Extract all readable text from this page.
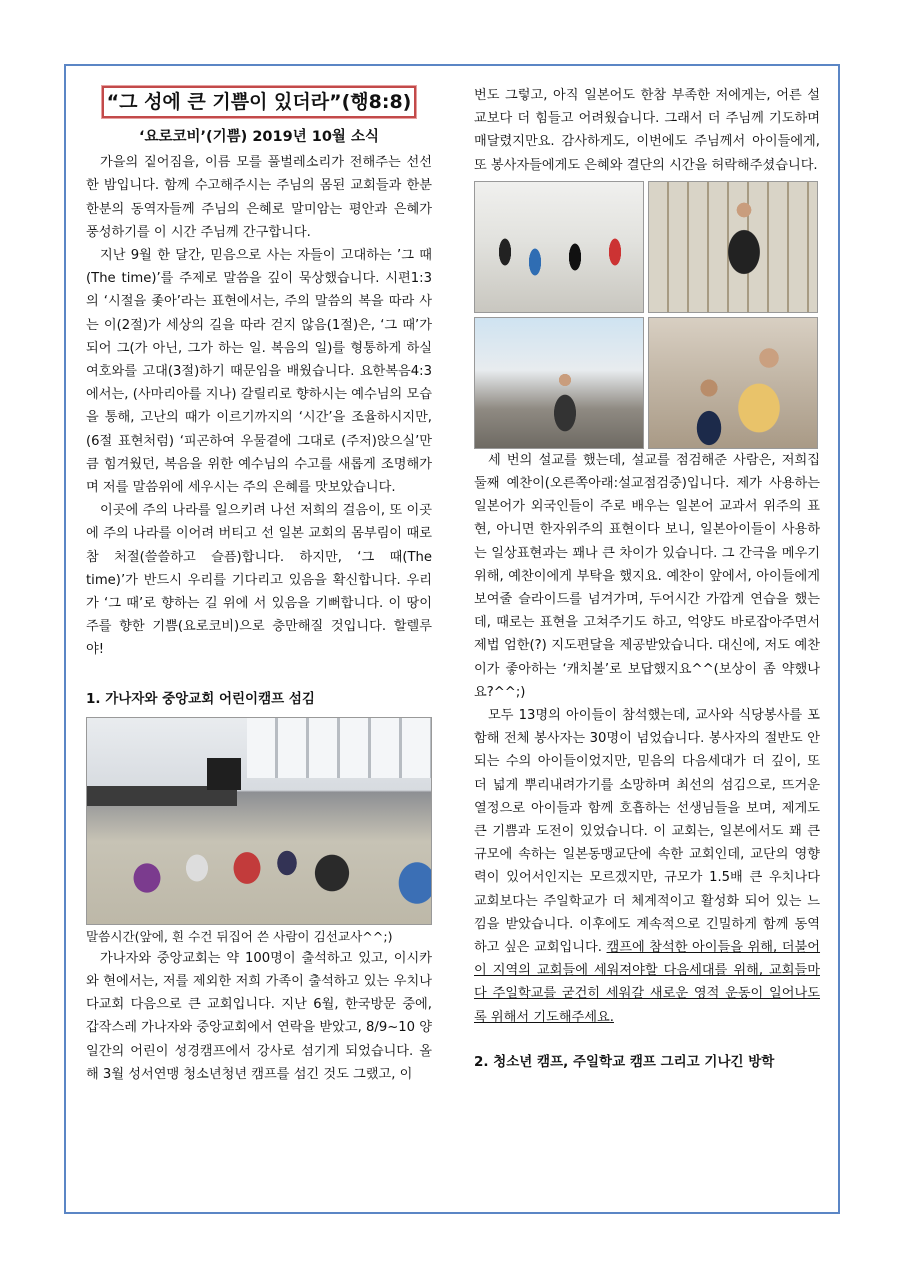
“그 성에 큰 기쁨이 있더라”(행8:8)
‘요로코비’(기쁨) 2019년 10월 소식

가을의 짙어짐을, 이름 모를 풀벌레소리가 전해주는 선선한 밤입니다. 함께 수고해주시는 주님의 몸된 교회들과 한분 한분의 동역자들께 주님의 은혜로 말미암는 평안과 은혜가 풍성하기를 이 시간 주님께 간구합니다.

지난 9월 한 달간, 믿음으로 사는 자들이 고대하는 ’그 때(The time)’를 주제로 말씀을 깊이 묵상했습니다. 시편1:3의 ‘시절을 좇아’라는 표현에서는, 주의 말씀의 복을 따라 사는 이(2절)가 세상의 길을 따라 걷지 않음(1절)은, ‘그 때’가 되어 그(가 아닌, 그가 하는 일. 복음의 일)를 형통하게 하실 여호와를 고대(3절)하기 때문임을 배웠습니다. 요한복음4:3에서는, (사마리아를 지나) 갈릴리로 향하시는 예수님의 모습을 통해, 고난의 때가 이르기까지의 ‘시간’을 조율하시지만, (6절 표현처럼) ‘피곤하여 우물곁에 그대로 (주저)앉으실’만큼 힘겨웠던, 복음을 위한 예수님의 수고를 새롭게 조명해가며 저를 말씀위에 세우시는 주의 은혜를 맛보았습니다.

이곳에 주의 나라를 일으키려 나선 저희의 걸음이, 또 이곳에 주의 나라를 이어려 버티고 선 일본 교회의 몸부림이 때로 참 처절(쓸쓸하고 슬픔)합니다. 하지만, ‘그 때(The time)’가 반드시 우리를 기다리고 있음을 확신합니다. 우리가 ‘그 때’로 향하는 길 위에 서 있음을 기뻐합니다. 이 땅이 주를 향한 기쁨(요로코비)으로 충만해질 것입니다. 할렐루야!

1. 가나자와 중앙교회 어린이캠프 섬김

말씀시간(앞에, 흰 수건 뒤집어 쓴 사람이 김선교사^^;)

가나자와 중앙교회는 약 100명이 출석하고 있고, 이시카와 현에서는, 저를 제외한 저희 가족이 출석하고 있는 우치나다교회 다음으로 큰 교회입니다. 지난 6월, 한국방문 중에, 갑작스레 가나자와 중앙교회에서 연락을 받았고, 8/9~10 양일간의 어린이 성경캠프에서 강사로 섬기게 되었습니다. 올해 3월 성서연맹 청소년청년 캠프를 섬긴 것도 그랬고, 이

번도 그렇고, 아직 일본어도 한참 부족한 저에게는, 어른 설교보다 더 힘들고 어려웠습니다. 그래서 더 주님께 기도하며 매달렸지만요. 감사하게도, 이번에도 주님께서 아이들에게, 또 봉사자들에게도 은혜와 결단의 시간을 허락해주셨습니다.

세 번의 설교를 했는데, 설교를 점검해준 사람은, 저희집 둘째 예찬이(오른쪽아래:설교점검중)입니다. 제가 사용하는 일본어가 외국인들이 주로 배우는 일본어 교과서 위주의 표현, 아니면 한자위주의 표현이다 보니, 일본아이들이 사용하는 일상표현과는 꽤나 큰 차이가 있습니다. 그 간극을 메우기 위해, 예찬이에게 부탁을 했지요. 예찬이 앞에서, 아이들에게 보여줄 슬라이드를 넘겨가며, 두어시간 가깝게 연습을 했는데, 때로는 표현을 고쳐주기도 하고, 억양도 바로잡아주면서 제법 엄한(?) 지도편달을 제공받았습니다. 대신에, 저도 예찬이가 좋아하는 ‘캐치볼’로 보답했지요^^(보상이 좀 약했나요?^^;)

모두 13명의 아이들이 참석했는데, 교사와 식당봉사를 포함해 전체 봉사자는 30명이 넘었습니다. 봉사자의 절반도 안 되는 수의 아이들이었지만, 믿음의 다음세대가 더 깊이, 또 더 넓게 뿌리내려가기를 소망하며 최선의 섬김으로, 뜨거운 열정으로 아이들과 함께 호흡하는 선생님들을 보며, 제게도 큰 기쁨과 도전이 있었습니다. 이 교회는, 일본에서도 꽤 큰 규모에 속하는 일본동맹교단에 속한 교회인데, 교단의 영향력이 있어서인지는 모르겠지만, 규모가 1.5배 큰 우치나다 교회보다는 주일학교가 더 체계적이고 활성화 되어 있는 느낌을 받았습니다. 이후에도 계속적으로 긴밀하게 함께 동역하고 싶은 교회입니다. 캠프에 참석한 아이들을 위해, 더불어 이 지역의 교회들에 세워져야할 다음세대를 위해, 교회들마다 주일학교를 굳건히 세워갈 새로운 영적 운동이 일어나도록 위해서 기도해주세요.

2. 청소년 캠프, 주일학교 캠프 그리고 기나긴 방학
